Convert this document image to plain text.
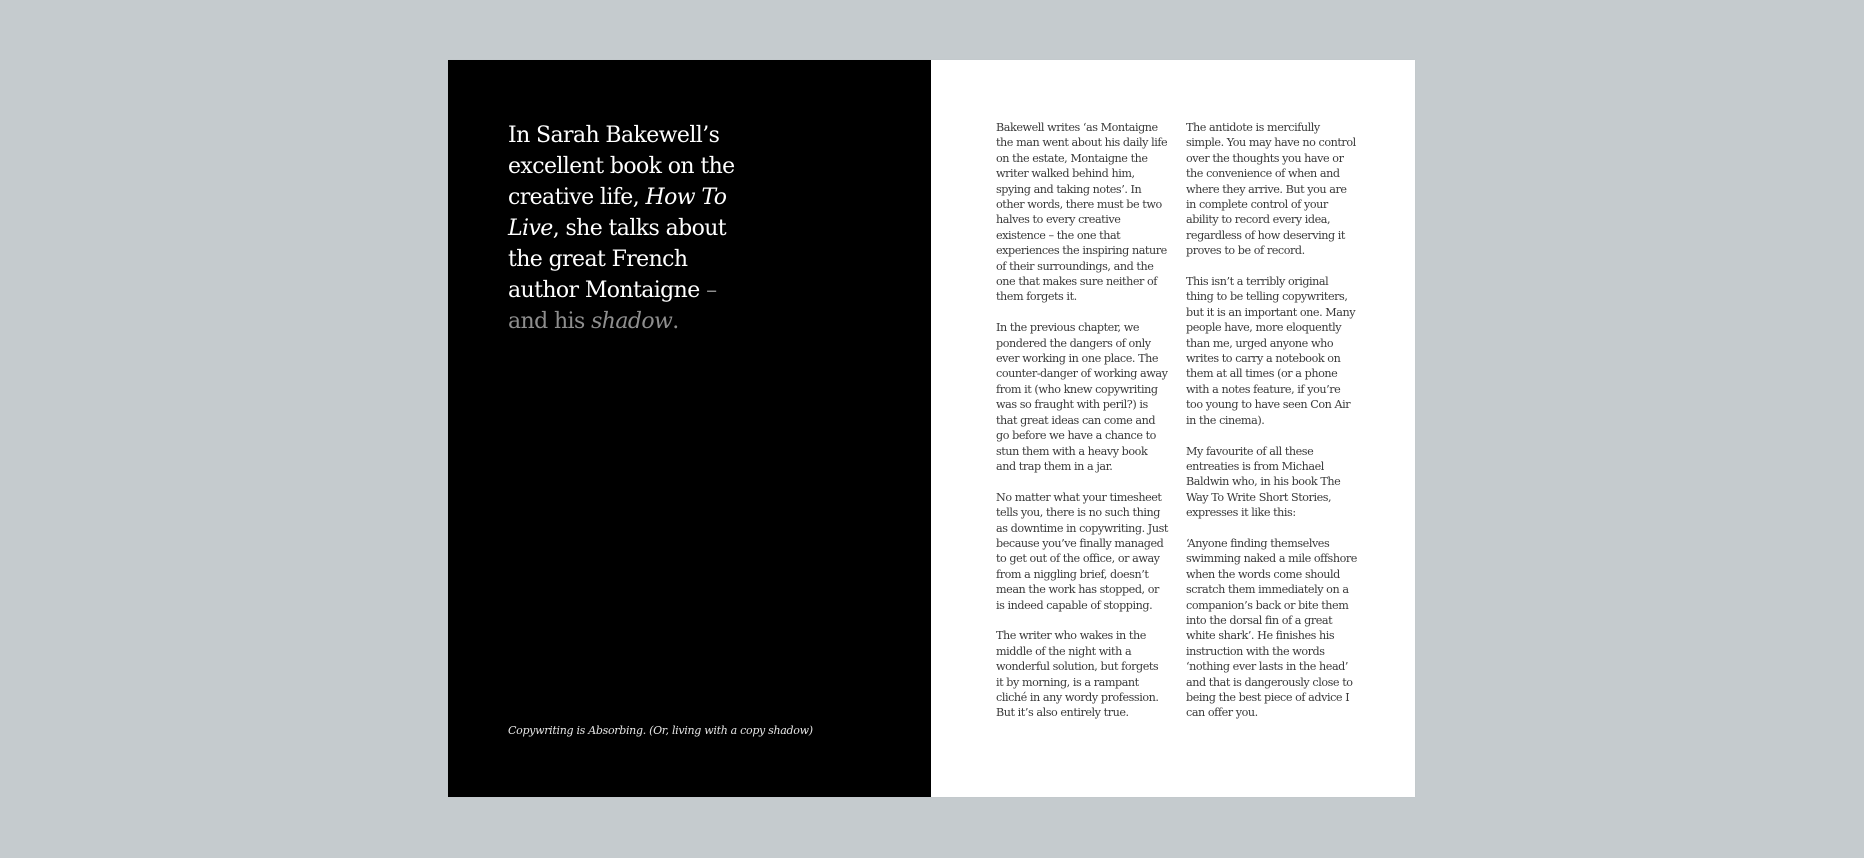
In Sarah Bakewell’s excellent book on the creative life, How To Live, she talks about the great French author Montaigne – and his shadow.
Copywriting is Absorbing. (Or, living with a copy shadow)

Bakewell writes ‘as Montaigne the man went about his daily life on the estate, Montaigne the writer walked behind him, spying and taking notes’. In other words, there must be two halves to every creative existence – the one that experiences the inspiring nature of their surroundings, and the one that makes sure neither of them forgets it.

In the previous chapter, we pondered the dangers of only ever working in one place. The counter-danger of working away from it (who knew copywriting was so fraught with peril?) is that great ideas can come and go before we have a chance to stun them with a heavy book and trap them in a jar.

No matter what your timesheet tells you, there is no such thing as downtime in copywriting. Just because you’ve finally managed to get out of the office, or away from a niggling brief, doesn’t mean the work has stopped, or is indeed capable of stopping.

The writer who wakes in the middle of the night with a wonderful solution, but forgets it by morning, is a rampant cliché in any wordy profession. But it’s also entirely true.

The antidote is mercifully simple. You may have no control over the thoughts you have or the convenience of when and where they arrive. But you are in complete control of your ability to record every idea, regardless of how deserving it proves to be of record.

This isn’t a terribly original thing to be telling copywriters, but it is an important one. Many people have, more eloquently than me, urged anyone who writes to carry a notebook on them at all times (or a phone with a notes feature, if you’re too young to have seen Con Air in the cinema).

My favourite of all these entreaties is from Michael Baldwin who, in his book The Way To Write Short Stories, expresses it like this:

‘Anyone finding themselves swimming naked a mile offshore when the words come should scratch them immediately on a companion’s back or bite them into the dorsal fin of a great white shark’. He finishes his instruction with the words ‘nothing ever lasts in the head’ and that is dangerously close to being the best piece of advice I can offer you.
